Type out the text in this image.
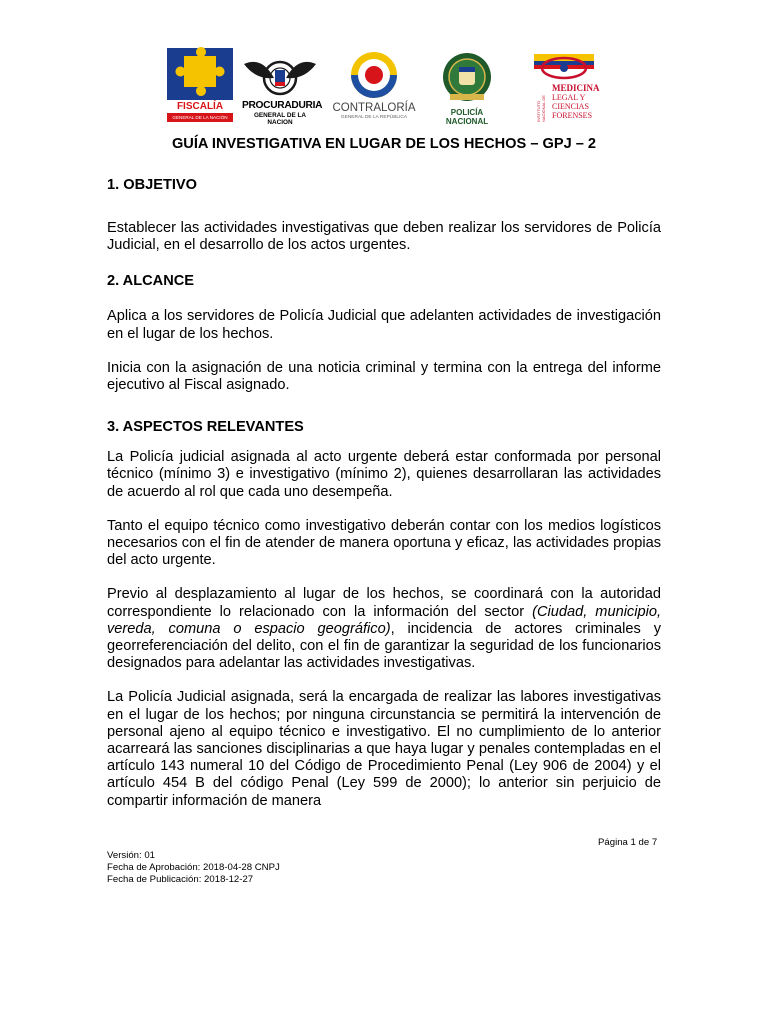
FISCALÍA
GENERAL DE LA NACIÓN
PROCURADURIA
GENERAL DE LA NACION
CONTRALORÍA
GENERAL DE LA REPÚBLICA
POLICÍA NACIONAL	INSTITUTO NACIONAL DE
MEDICINA
LEGAL Y
CIENCIAS
FORENSES
GUÍA INVESTIGATIVA EN LUGAR DE LOS HECHOS – GPJ – 2
1. OBJETIVO

Establecer las actividades investigativas que deben realizar los servidores de Policía Judicial, en el desarrollo de los actos urgentes.

2. ALCANCE

Aplica a los servidores de Policía Judicial que adelanten actividades de investigación en el lugar de los hechos.

Inicia con la asignación de una noticia criminal y termina con la entrega del informe ejecutivo al Fiscal asignado.

3. ASPECTOS RELEVANTES

La Policía judicial asignada al acto urgente deberá estar conformada por personal técnico (mínimo 3) e investigativo (mínimo 2), quienes desarrollaran las actividades de acuerdo al rol que cada uno desempeña.

Tanto el equipo técnico como investigativo deberán contar con los medios logísticos necesarios con el fin de atender de manera oportuna y eficaz, las actividades propias del acto urgente.

Previo al desplazamiento al lugar de los hechos, se coordinará con la autoridad correspondiente lo relacionado con la información del sector (Ciudad, municipio, vereda, comuna o espacio geográfico), incidencia de actores criminales y georreferenciación del delito, con el fin de garantizar la seguridad de los funcionarios designados para adelantar las actividades investigativas.

La Policía Judicial asignada, será la encargada de realizar las labores investigativas en el lugar de los hechos; por ninguna circunstancia se permitirá la intervención de personal ajeno al equipo técnico e investigativo. El no cumplimiento de lo anterior acarreará las sanciones disciplinarias a que haya lugar y penales contempladas en el artículo 143 numeral 10 del Código de Procedimiento Penal (Ley 906 de 2004) y el artículo 454 B del código Penal (Ley 599 de 2000); lo anterior sin perjuicio de compartir información de manera

Página 1 de 7
Versión: 01
Fecha de Aprobación: 2018-04-28 CNPJ
Fecha de Publicación: 2018-12-27
